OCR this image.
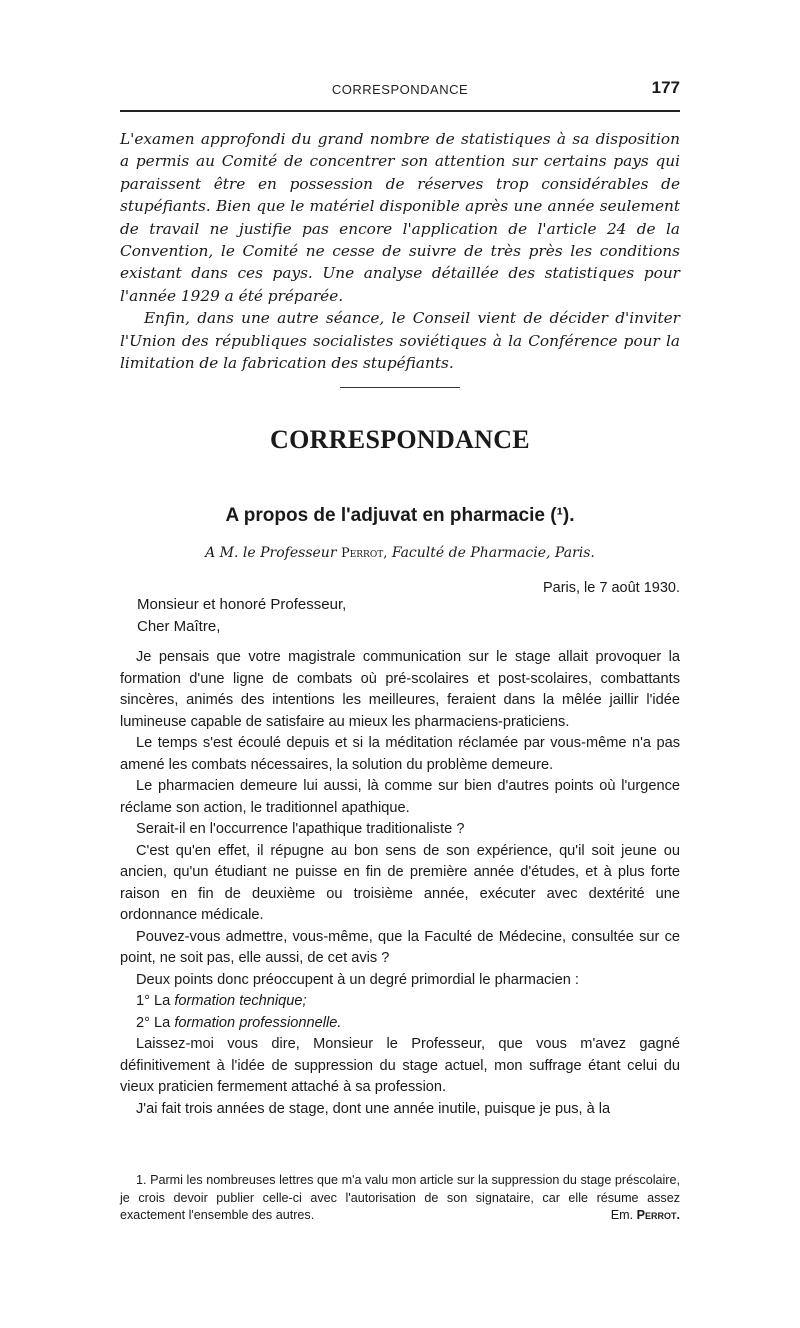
CORRESPONDANCE	177

L'examen approfondi du grand nombre de statistiques à sa disposition a permis au Comité de concentrer son attention sur certains pays qui paraissent être en possession de réserves trop considérables de stupéfiants. Bien que le matériel disponible après une année seulement de travail ne justifie pas encore l'application de l'article 24 de la Convention, le Comité ne cesse de suivre de très près les conditions existant dans ces pays. Une analyse détaillée des statistiques pour l'année 1929 a été préparée.

Enfin, dans une autre séance, le Conseil vient de décider d'inviter l'Union des républiques socialistes soviétiques à la Conférence pour la limitation de la fabrication des stupéfiants.

CORRESPONDANCE
A propos de l'adjuvat en pharmacie (¹).
A M. le Professeur Perrot, Faculté de Pharmacie, Paris.
Paris, le 7 août 1930.
Monsieur et honoré Professeur,
Cher Maître,

Je pensais que votre magistrale communication sur le stage allait provoquer la formation d'une ligne de combats où pré-scolaires et post-scolaires, combattants sincères, animés des intentions les meilleures, feraient dans la mêlée jaillir l'idée lumineuse capable de satisfaire au mieux les pharmaciens-praticiens.

Le temps s'est écoulé depuis et si la méditation réclamée par vous-même n'a pas amené les combats nécessaires, la solution du problème demeure.

Le pharmacien demeure lui aussi, là comme sur bien d'autres points où l'urgence réclame son action, le traditionnel apathique.

Serait-il en l'occurrence l'apathique traditionaliste ?

C'est qu'en effet, il répugne au bon sens de son expérience, qu'il soit jeune ou ancien, qu'un étudiant ne puisse en fin de première année d'études, et à plus forte raison en fin de deuxième ou troisième année, exécuter avec dextérité une ordonnance médicale.

Pouvez-vous admettre, vous-même, que la Faculté de Médecine, consultée sur ce point, ne soit pas, elle aussi, de cet avis ?

Deux points donc préoccupent à un degré primordial le pharmacien :

1° La formation technique;

2° La formation professionnelle.

Laissez-moi vous dire, Monsieur le Professeur, que vous m'avez gagné définitivement à l'idée de suppression du stage actuel, mon suffrage étant celui du vieux praticien fermement attaché à sa profession.

J'ai fait trois années de stage, dont une année inutile, puisque je pus, à la

1. Parmi les nombreuses lettres que m'a valu mon article sur la suppression du stage préscolaire, je crois devoir publier celle-ci avec l'autorisation de son signataire, car elle résume assez exactement l'ensemble des autres.	Em. Perrot.
